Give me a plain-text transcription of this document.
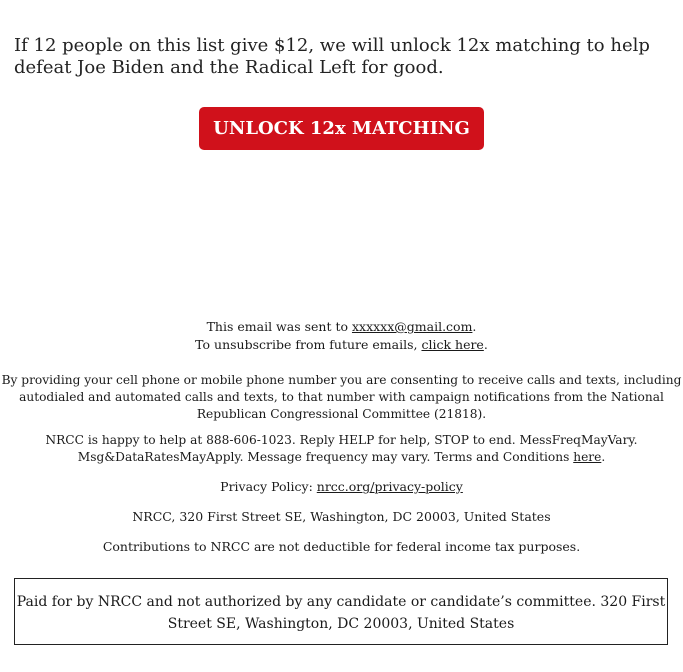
If 12 people on this list give $12, we will unlock 12x matching to help defeat Joe Biden and the Radical Left for good.

UNLOCK 12x MATCHING

This email was sent to xxxxxx@gmail.com.
To unsubscribe from future emails, click here.

By providing your cell phone or mobile phone number you are consenting to receive calls and texts, including autodialed and automated calls and texts, to that number with campaign notifications from the National Republican Congressional Committee (21818).

NRCC is happy to help at 888-606-1023. Reply HELP for help, STOP to end. MessFreqMayVary. Msg&DataRatesMayApply. Message frequency may vary. Terms and Conditions here.

Privacy Policy: nrcc.org/privacy-policy

NRCC, 320 First Street SE, Washington, DC 20003, United States

Contributions to NRCC are not deductible for federal income tax purposes.

Paid for by NRCC and not authorized by any candidate or candidate’s committee. 320 First Street SE, Washington, DC 20003, United States
